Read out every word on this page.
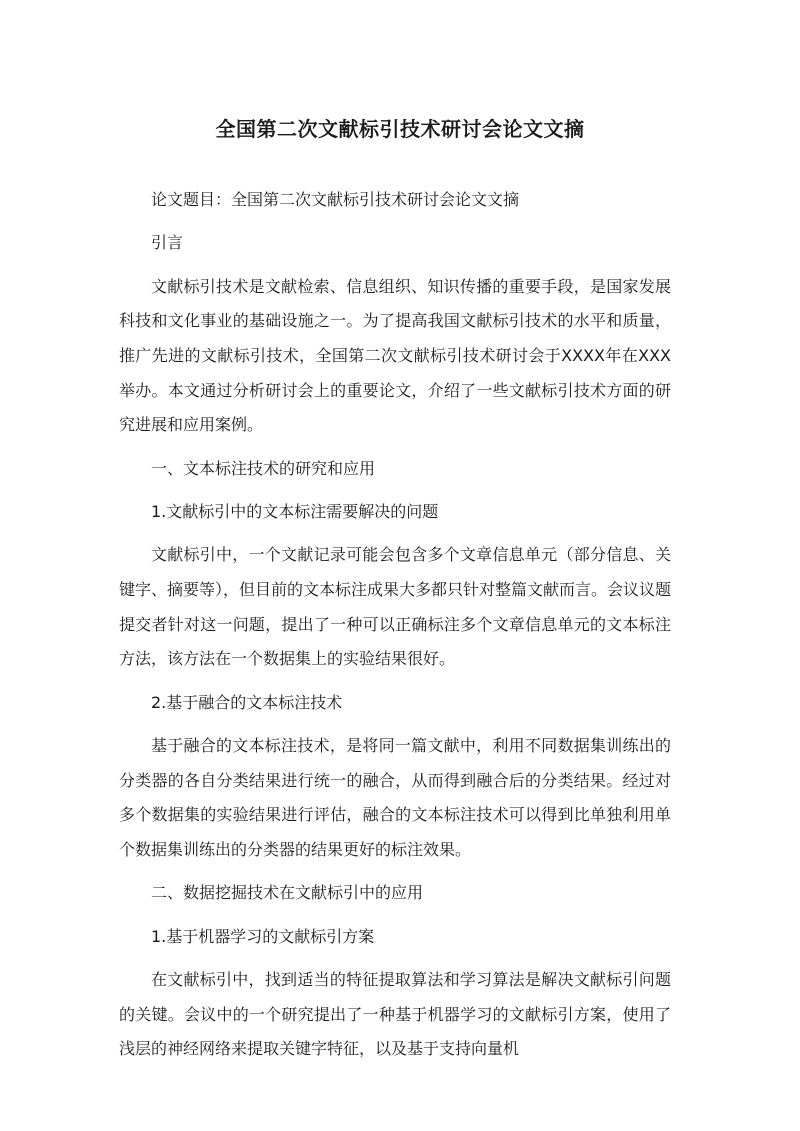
全国第二次文献标引技术研讨会论文文摘

论文题目：全国第二次文献标引技术研讨会论文文摘

引言

文献标引技术是文献检索、信息组织、知识传播的重要手段，是国家发展科技和文化事业的基础设施之一。为了提高我国文献标引技术的水平和质量，推广先进的文献标引技术，全国第二次文献标引技术研讨会于XXXX年在XXX举办。本文通过分析研讨会上的重要论文，介绍了一些文献标引技术方面的研究进展和应用案例。

一、文本标注技术的研究和应用

1.文献标引中的文本标注需要解决的问题

文献标引中，一个文献记录可能会包含多个文章信息单元（部分信息、关键字、摘要等），但目前的文本标注成果大多都只针对整篇文献而言。会议议题提交者针对这一问题，提出了一种可以正确标注多个文章信息单元的文本标注方法，该方法在一个数据集上的实验结果很好。

2.基于融合的文本标注技术

基于融合的文本标注技术，是将同一篇文献中，利用不同数据集训练出的分类器的各自分类结果进行统一的融合，从而得到融合后的分类结果。经过对多个数据集的实验结果进行评估，融合的文本标注技术可以得到比单独利用单个数据集训练出的分类器的结果更好的标注效果。

二、数据挖掘技术在文献标引中的应用

1.基于机器学习的文献标引方案

在文献标引中，找到适当的特征提取算法和学习算法是解决文献标引问题的关键。会议中的一个研究提出了一种基于机器学习的文献标引方案，使用了浅层的神经网络来提取关键字特征，以及基于支持向量机
